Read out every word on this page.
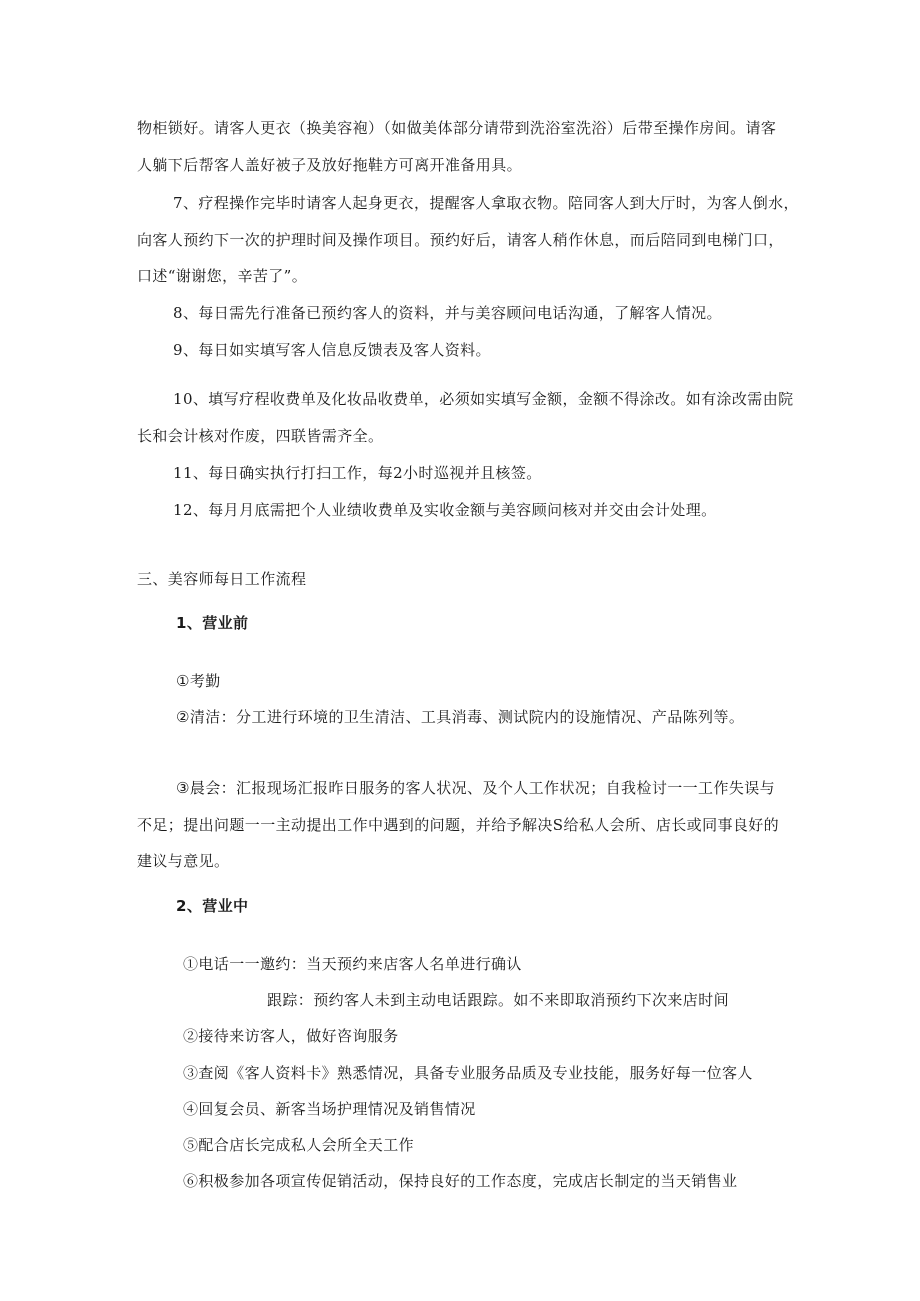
物柜锁好。请客人更衣（换美容袍）（如做美体部分请带到洗浴室洗浴）后带至操作房间。请客
人躺下后帮客人盖好被子及放好拖鞋方可离开准备用具。
7、疗程操作完毕时请客人起身更衣，提醒客人拿取衣物。陪同客人到大厅时，为客人倒水，
向客人预约下一次的护理时间及操作项目。预约好后，请客人稍作休息，而后陪同到电梯门口，
口述“谢谢您，辛苦了”。
8、每日需先行准备已预约客人的资料，并与美容顾问电话沟通，了解客人情况。
9、每日如实填写客人信息反馈表及客人资料。
10、填写疗程收费单及化妆品收费单，必须如实填写金额，金额不得涂改。如有涂改需由院
长和会计核对作废，四联皆需齐全。
11、每日确实执行打扫工作，每2小时巡视并且核签。
12、每月月底需把个人业绩收费单及实收金额与美容顾问核对并交由会计处理。
三、美容师每日工作流程
1、营业前
①考勤
②清洁：分工进行环境的卫生清洁、工具消毒、测试院内的设施情况、产品陈列等。
③晨会：汇报现场汇报昨日服务的客人状况、及个人工作状况；自我检讨一一工作失误与
不足；提出问题一一主动提出工作中遇到的问题，并给予解决S给私人会所、店长或同事良好的
建议与意见。
2、营业中
①电话一一邀约：当天预约来店客人名单进行确认
跟踪：预约客人未到主动电话跟踪。如不来即取消预约下次来店时间
②接待来访客人，做好咨询服务
③查阅《客人资料卡》熟悉情况，具备专业服务品质及专业技能，服务好每一位客人
④回复会员、新客当场护理情况及销售情况
⑤配合店长完成私人会所全天工作
⑥积极参加各项宣传促销活动，保持良好的工作态度，完成店长制定的当天销售业
